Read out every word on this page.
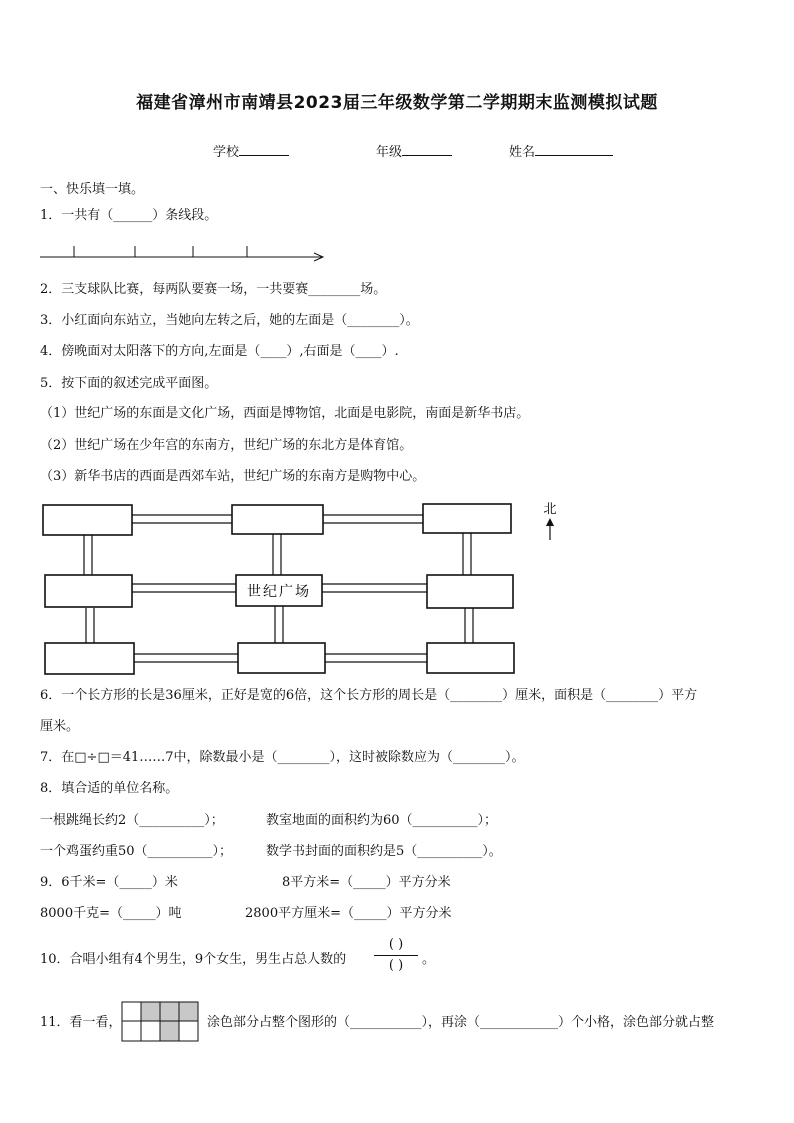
福建省漳州市南靖县2023届三年级数学第二学期期末监测模拟试题
学校	年级	姓名
一、快乐填一填。
1．一共有（______）条线段。
2．三支球队比赛，每两队要赛一场，一共要赛________场。
3．小红面向东站立，当她向左转之后，她的左面是（________）。
4．傍晚面对太阳落下的方向,左面是（____）,右面是（____）.
5．按下面的叙述完成平面图。
（1）世纪广场的东面是文化广场，西面是博物馆，北面是电影院，南面是新华书店。
（2）世纪广场在少年宫的东南方，世纪广场的东北方是体育馆。
（3）新华书店的西面是西郊车站，世纪广场的东南方是购物中心。
世纪广场
北
6．一个长方形的长是36厘米，正好是宽的6倍，这个长方形的周长是（________）厘米，面积是（________）平方
厘米。
7．在□÷□＝41……7中，除数最小是（________），这时被除数应为（________）。
8．填合适的单位名称。
一根跳绳长约2（__________）；	教室地面的面积约为60（__________）；
一个鸡蛋约重50（__________）；	数学书封面的面积约是5（__________）。
9．6千米=（_____）米	8平方米=（_____）平方分米
8000千克=（_____）吨	2800平方厘米=（_____）平方分米
10．合唱小组有4个男生，9个女生，男生占总人数的 $\frac{( )}{( )}$ 。
11．看一看，	涂色部分占整个图形的（___________），再涂（____________）个小格，涂色部分就占整
